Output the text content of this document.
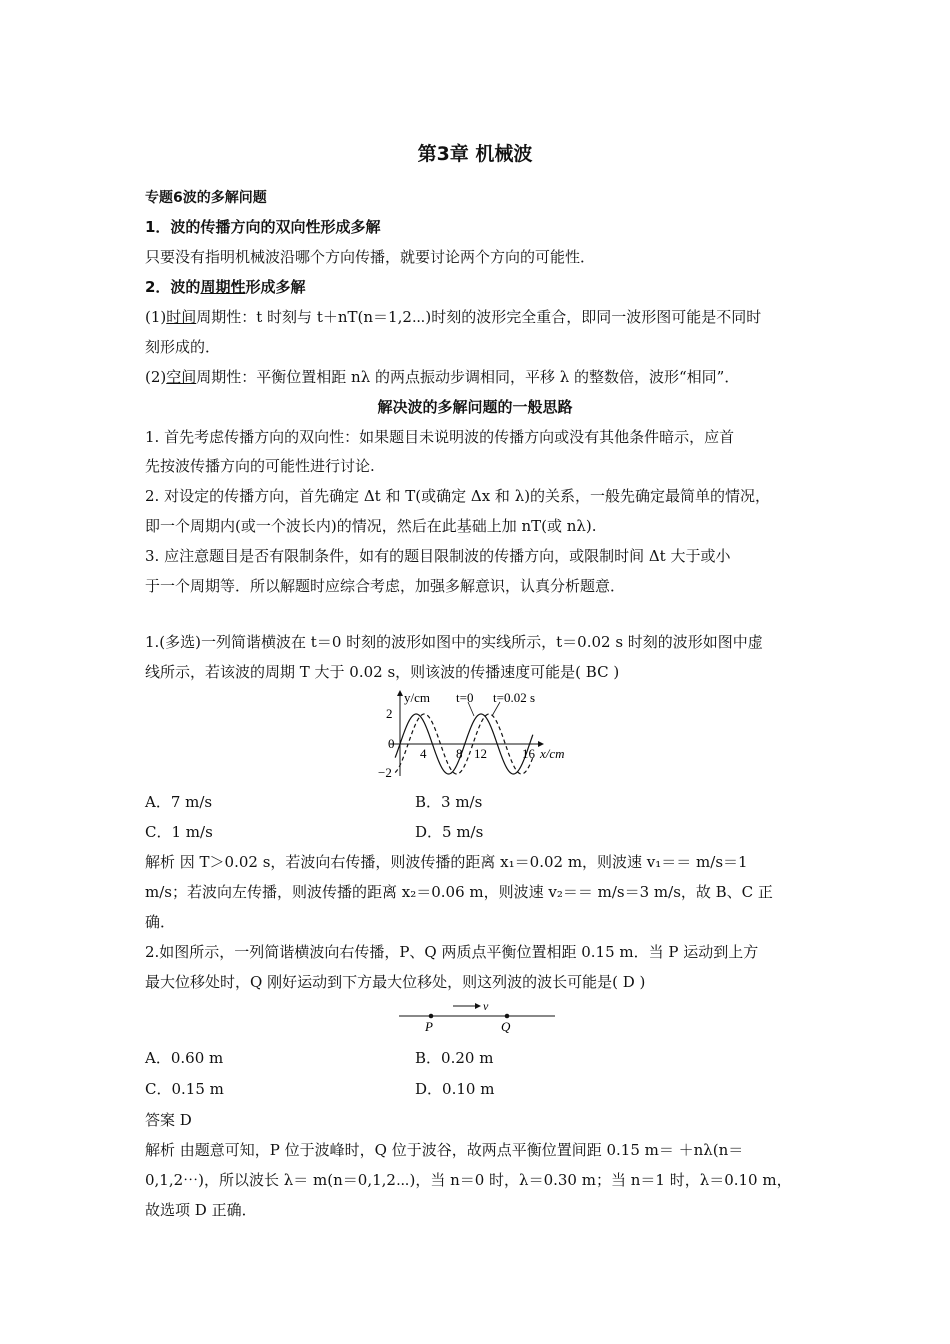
第3章 机械波
专题6波的多解问题
1．波的传播方向的双向性形成多解
只要没有指明机械波沿哪个方向传播，就要讨论两个方向的可能性．
2．波的周期性形成多解
(1)时间周期性：t 时刻与 t＋nT(n＝1,2⋯)时刻的波形完全重合，即同一波形图可能是不同时
刻形成的．
(2)空间周期性：平衡位置相距 nλ 的两点振动步调相同，平移 λ 的整数倍，波形“相同”．
解决波的多解问题的一般思路
1. 首先考虑传播方向的双向性：如果题目未说明波的传播方向或没有其他条件暗示，应首
先按波传播方向的可能性进行讨论.
2. 对设定的传播方向，首先确定 Δt 和 T(或确定 Δx 和 λ)的关系，一般先确定最简单的情况，
即一个周期内(或一个波长内)的情况，然后在此基础上加 nT(或 nλ).
3. 应注意题目是否有限制条件，如有的题目限制波的传播方向，或限制时间 Δt 大于或小
于一个周期等．所以解题时应综合考虑，加强多解意识，认真分析题意．
1.(多选)一列简谐横波在 t＝0 时刻的波形如图中的实线所示，t＝0.02 s 时刻的波形如图中虚
线所示，若该波的周期 T 大于 0.02 s，则该波的传播速度可能是( BC )
y/cm t=0 t=0.02 s
2
0
−2
4 8 12	16 x/cm
A．7 m/s	B．3 m/s
C．1 m/s	D．5 m/s
解析 因 T＞0.02 s，若波向右传播，则波传播的距离 x₁＝0.02 m，则波速 v₁＝＝ m/s＝1
m/s；若波向左传播，则波传播的距离 x₂＝0.06 m，则波速 v₂＝＝ m/s＝3 m/s，故 B、C 正
确．
2.如图所示，一列简谐横波向右传播，P、Q 两质点平衡位置相距 0.15 m．当 P 运动到上方
最大位移处时，Q 刚好运动到下方最大位移处，则这列波的波长可能是( D )
v
P	Q
A．0.60 m	B．0.20 m
C．0.15 m	D．0.10 m
答案 D
解析 由题意可知，P 位于波峰时，Q 位于波谷，故两点平衡位置间距 0.15 m＝ ＋nλ(n＝
0,1,2⋯)，所以波长 λ＝ m(n＝0,1,2⋯)，当 n＝0 时，λ＝0.30 m；当 n＝1 时，λ＝0.10 m，
故选项 D 正确．
